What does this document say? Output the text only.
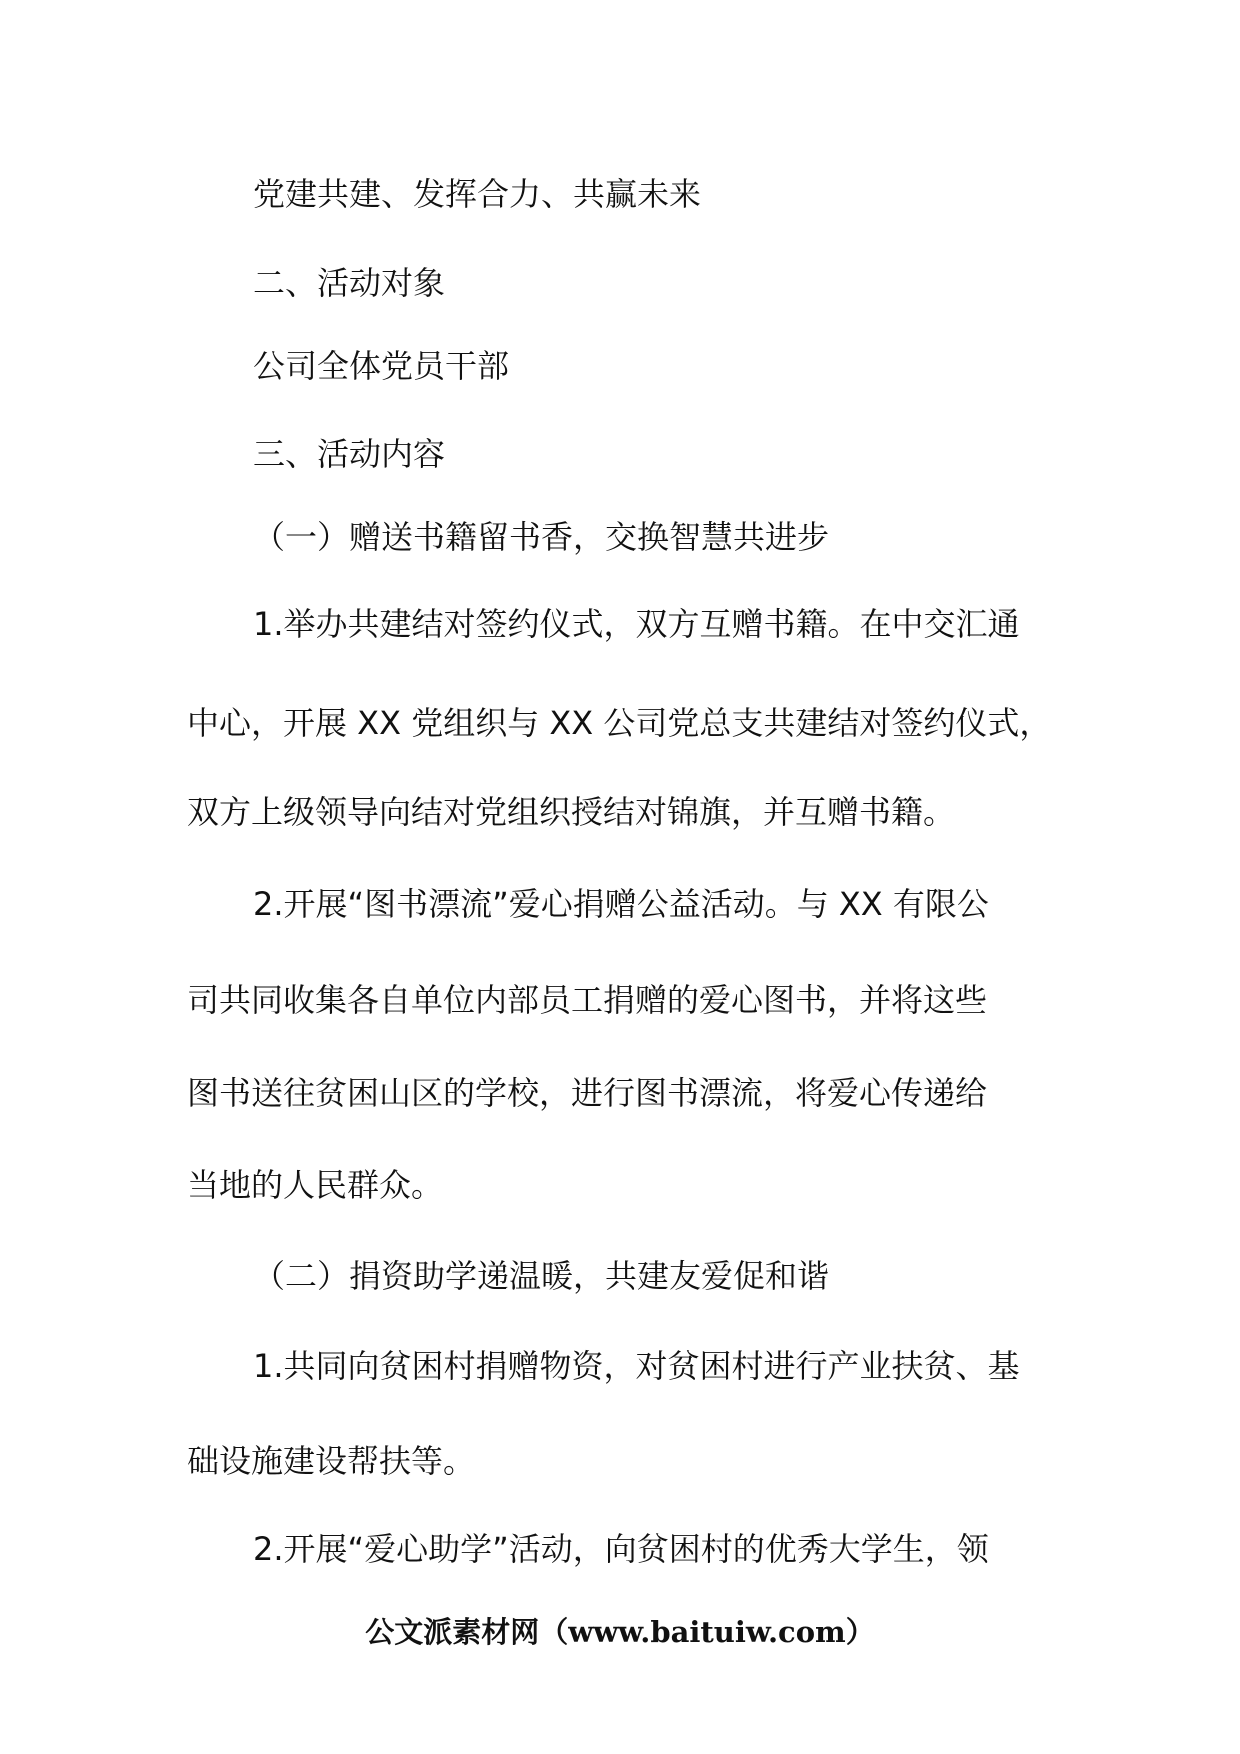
党建共建、发挥合力、共赢未来
二、活动对象
公司全体党员干部
三、活动内容
（一）赠送书籍留书香，交换智慧共进步
1.举办共建结对签约仪式，双方互赠书籍。在中交汇通
中心，开展 XX 党组织与 XX 公司党总支共建结对签约仪式，
双方上级领导向结对党组织授结对锦旗，并互赠书籍。
2.开展“图书漂流”爱心捐赠公益活动。与 XX 有限公
司共同收集各自单位内部员工捐赠的爱心图书，并将这些
图书送往贫困山区的学校，进行图书漂流，将爱心传递给
当地的人民群众。
（二）捐资助学递温暖，共建友爱促和谐
1.共同向贫困村捐赠物资，对贫困村进行产业扶贫、基
础设施建设帮扶等。
2.开展“爱心助学”活动，向贫困村的优秀大学生，领
公文派素材网（www.baituiw.com）
